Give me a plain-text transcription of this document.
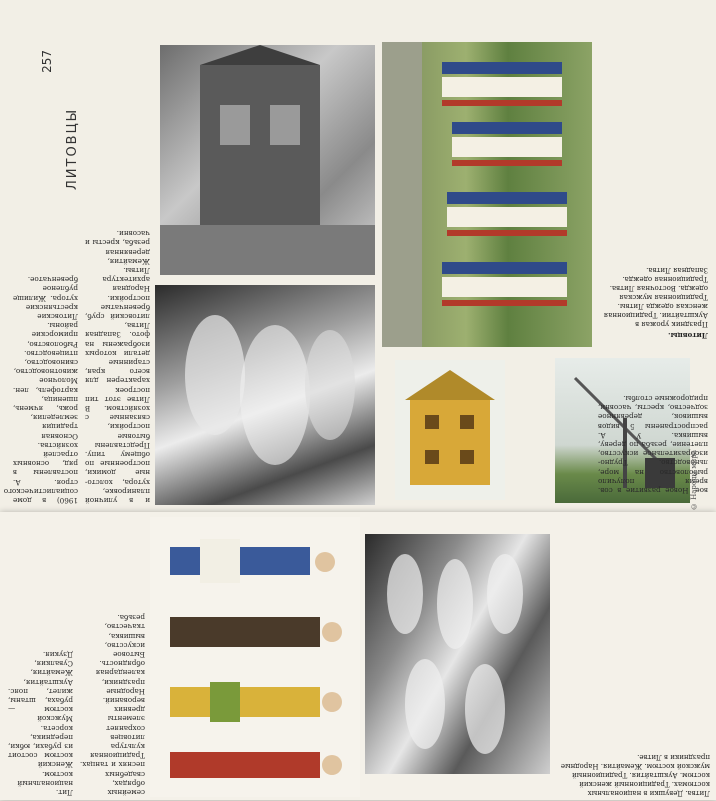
и в уличной планировке, хутора, холсто-ные домики, построенные по общему типу. Представлены бытовые постройки, связанные с хозяйством. В Литве этот тип построек характерен для всего края, старинные детали которых изображены на фото. Западная Литва, литовский сруб, бревенчатые постройки. Народная архитектура Литвы. Жемайтия, деревянная резьба, кресты и часовни.
1960) в доме социалистического строя. А. поставлены в ряд, основных отраслей хозяйства. Основная традиция земледелия, рожь, ячмень, пшеница, картофель, лен. Молочное животноводство, свиноводство, птицеводство. Рыболовство, приморские районы. Литовские крестьянские хутора. Жилище рубленое бревенчатое.
ЛИТОВЦЫ
257
Литовцы.
Праздник урожая в Аукштайтии. Традиционная женская одежда Литвы. Традиционная мужская одежда. Восточная Литва. Традиционная одежда. Западная Литва.
вое. Новое развитие в сов. время получило рыболовство на море, льноводство. Трудно-изобразительное искусство, плетение, резьба по дереву, вышивка. У А. распространены 5 видов вышивок, деревянное зодчество, кресты, часовни, придорожные столбы.
© Народы мира
семейных обрядах, свадебных песнях и танцах. Традиционная культура литовцев сохраняет элементы древних верований. Народные праздники, календарная обрядность. Бытовое искусство, вышивка, ткачество, резьба.
Лит. национальный костюм. Женский костюм состоит из рубахи, юбки, передника, корсета. Мужской костюм — рубаха, штаны, жилет, пояс. Аукштайтия, Жемайтия, Сувалкия, Дзукия.
Литва. Девушки в национальных костюмах. Традиционный женский костюм. Аукштайтия. Традиционный мужской костюм. Жемайтия. Народные праздники в Литве.
